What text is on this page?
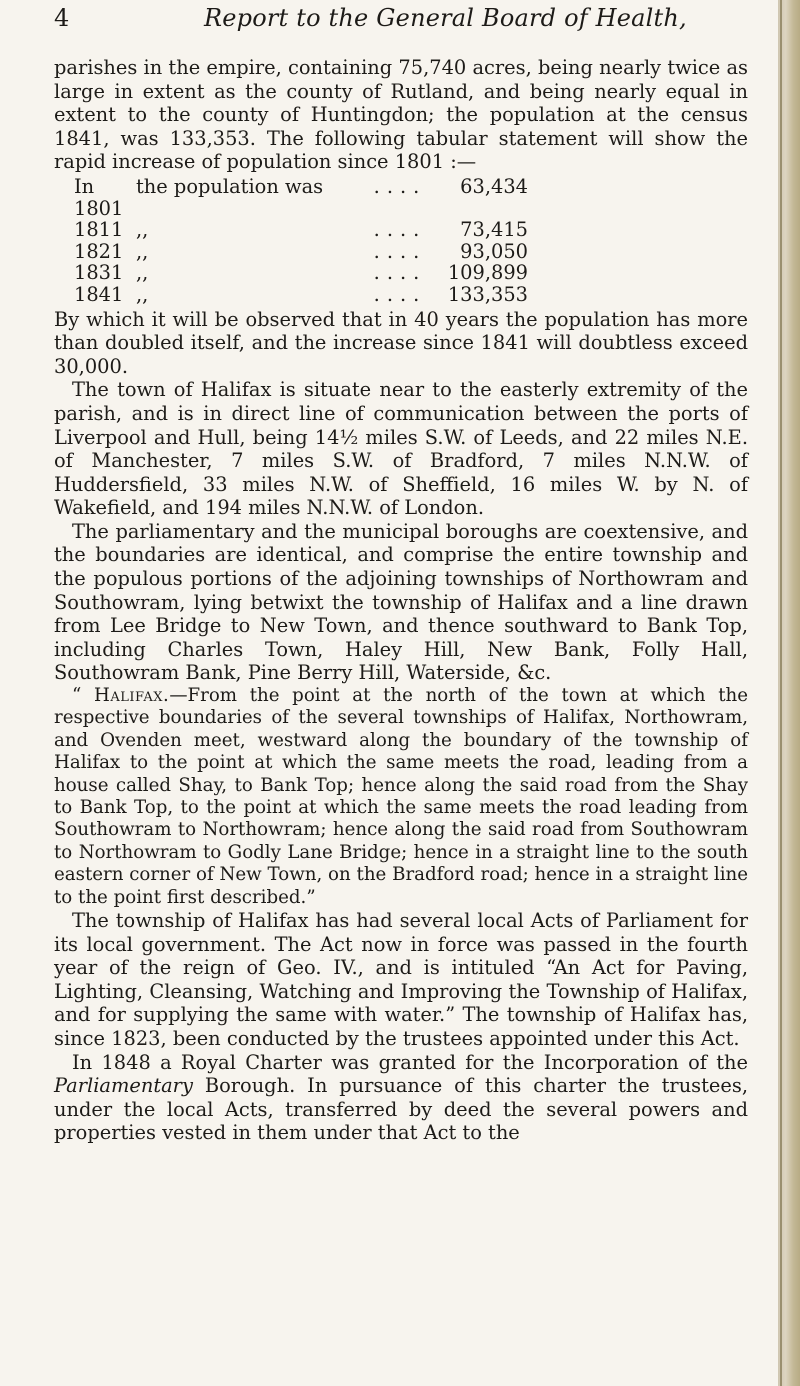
4	Report to the General Board of Health,

parishes in the empire, containing 75,740 acres, being nearly twice as large in extent as the county of Rutland, and being nearly equal in extent to the county of Huntingdon; the population at the census 1841, was 133,353. The following tabular statement will show the rapid increase of population since 1801 :—

In 1801	the population was	....	63,434
1811	,,	....	73,415
1821	,,	....	93,050
1831	,,	....	109,899
1841	,,	....	133,353

By which it will be observed that in 40 years the population has more than doubled itself, and the increase since 1841 will doubtless exceed 30,000.

The town of Halifax is situate near to the easterly extremity of the parish, and is in direct line of communication between the ports of Liverpool and Hull, being 14½ miles S.W. of Leeds, and 22 miles N.E. of Manchester, 7 miles S.W. of Bradford, 7 miles N.N.W. of Huddersfield, 33 miles N.W. of Sheffield, 16 miles W. by N. of Wakefield, and 194 miles N.N.W. of London.

The parliamentary and the municipal boroughs are coextensive, and the boundaries are identical, and comprise the entire township and the populous portions of the adjoining townships of Northowram and Southowram, lying betwixt the township of Halifax and a line drawn from Lee Bridge to New Town, and thence southward to Bank Top, including Charles Town, Haley Hill, New Bank, Folly Hall, Southowram Bank, Pine Berry Hill, Waterside, &c.

“ Halifax.—From the point at the north of the town at which the respective boundaries of the several townships of Halifax, Northowram, and Ovenden meet, westward along the boundary of the township of Halifax to the point at which the same meets the road, leading from a house called Shay, to Bank Top; hence along the said road from the Shay to Bank Top, to the point at which the same meets the road leading from Southowram to Northowram; hence along the said road from Southowram to Northowram to Godly Lane Bridge; hence in a straight line to the south eastern corner of New Town, on the Bradford road; hence in a straight line to the point first described.”

The township of Halifax has had several local Acts of Parliament for its local government. The Act now in force was passed in the fourth year of the reign of Geo. IV., and is intituled “An Act for Paving, Lighting, Cleansing, Watching and Improving the Township of Halifax, and for supplying the same with water.” The township of Halifax has, since 1823, been conducted by the trustees appointed under this Act.

In 1848 a Royal Charter was granted for the Incorporation of the Parliamentary Borough. In pursuance of this charter the trustees, under the local Acts, transferred by deed the several powers and properties vested in them under that Act to the
